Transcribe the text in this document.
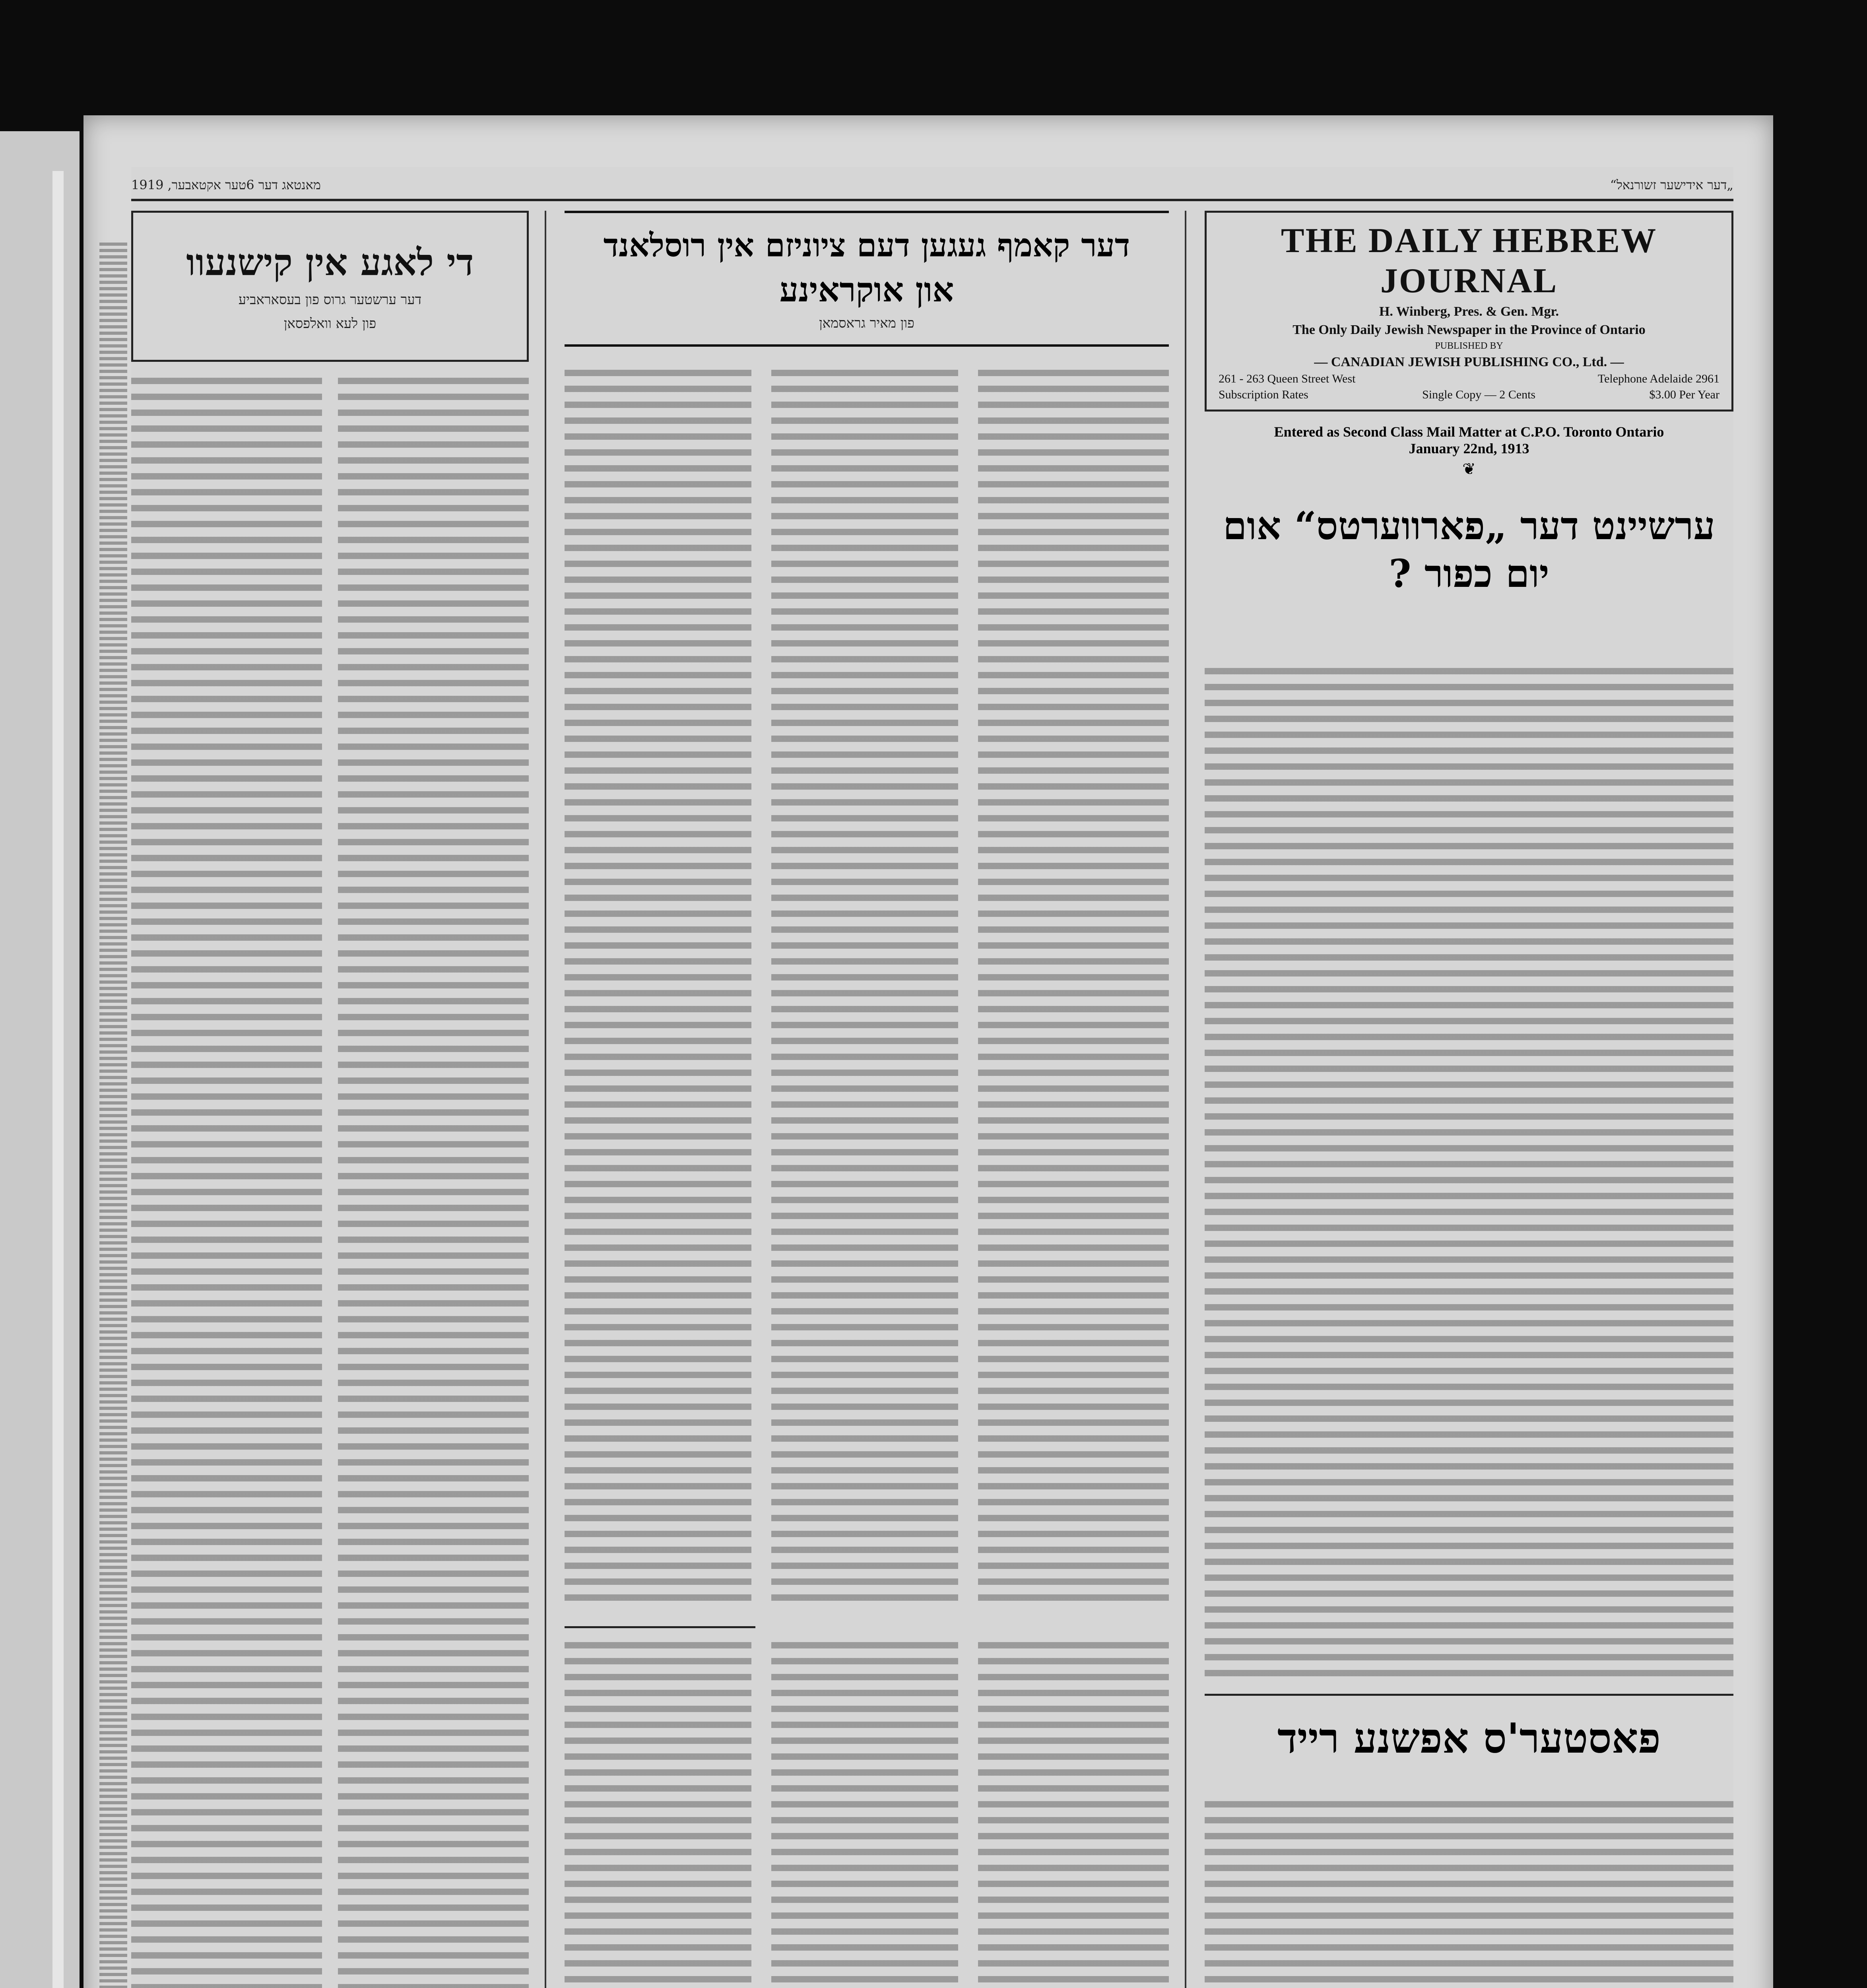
„דער אידישער זשורנאל“
מאנטאג דער 6טער אקטאבער, 1919
די לאגע אין קישנעוו
דער ערשטער גרוס פון בעסאראביע
פון לעא וואלפסאן
דער קאמף געגען דעם ציוניזם אין רוסלאנד
און אוקראינע
פון מאיר גראסמאן
THE DAILY HEBREW JOURNAL
H. Winberg, Pres. & Gen. Mgr.
The Only Daily Jewish Newspaper in the Province of Ontario
PUBLISHED BY
— CANADIAN JEWISH PUBLISHING CO., Ltd. —
261 - 263 Queen Street West	Telephone Adelaide 2961
Subscription Rates	Single Copy — 2 Cents	$3.00 Per Year
Entered as Second Class Mail Matter at C.P.O. Toronto Ontario
January 22nd, 1913
❦
ערשיינט דער „פארווערטס“ אום יום כפור ?
פאסטער'ס אפשנע רייד
